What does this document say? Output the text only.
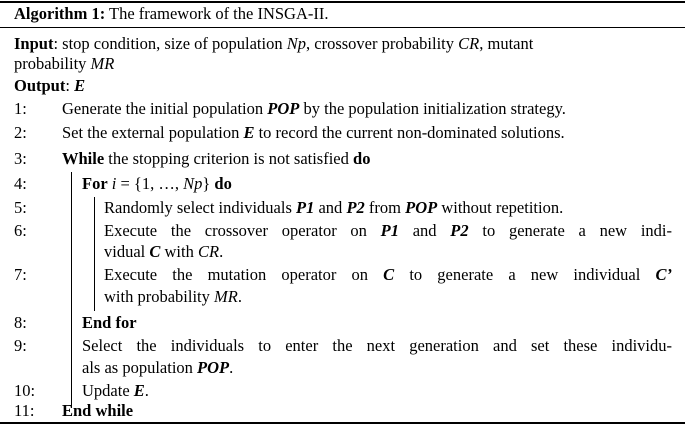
Algorithm 1: The framework of the INSGA-II.
Input: stop condition, size of population Np, crossover probability CR, mutant
probability MR
Output: E
1: Generate the initial population POP by the population initialization strategy.
2: Set the external population E to record the current non-dominated solutions.
3: While the stopping criterion is not satisfied do
4:	For i = {1, …, Np} do
5:	Randomly select individuals P1 and P2 from POP without repetition.
6:	Execute the crossover operator on P1 and P2 to generate a new indi-
vidual C with CR.
7:	Execute the mutation operator on C to generate a new individual C’
with probability MR.
8:	End for
9:	Select the individuals to enter the next generation and set these individu-
als as population POP.
10:	Update E.
11: End while
